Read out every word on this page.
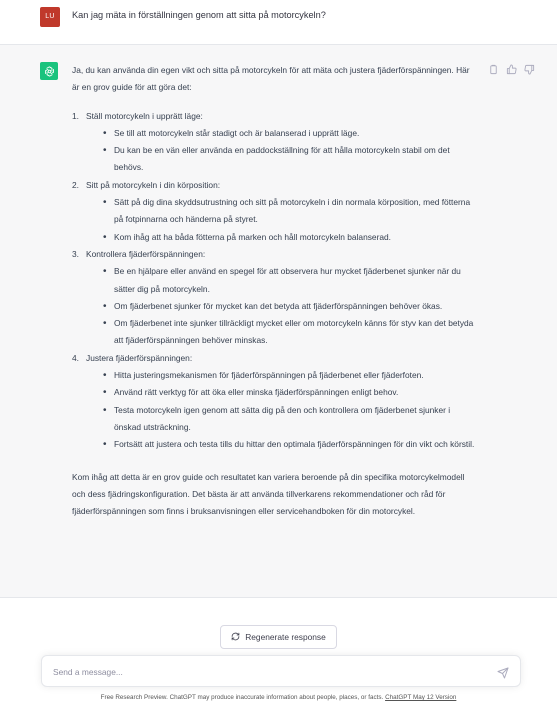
LU	Kan jag mäta in förställningen genom att sitta på motorcykeln?

Ja, du kan använda din egen vikt och sitta på motorcykeln för att mäta och justera fjäderförspänningen. Här är en grov guide för att göra det:

1. Ställ motorcykeln i upprätt läge:
• Se till att motorcykeln står stadigt och är balanserad i upprätt läge.
• Du kan be en vän eller använda en paddockställning för att hålla motorcykeln stabil om det behövs.
2. Sitt på motorcykeln i din körposition:
• Sätt på dig dina skyddsutrustning och sitt på motorcykeln i din normala körposition, med fötterna på fotpinnarna och händerna på styret.
• Kom ihåg att ha båda fötterna på marken och håll motorcykeln balanserad.
3. Kontrollera fjäderförspänningen:
• Be en hjälpare eller använd en spegel för att observera hur mycket fjäderbenet sjunker när du sätter dig på motorcykeln.
• Om fjäderbenet sjunker för mycket kan det betyda att fjäderförspänningen behöver ökas.
• Om fjäderbenet inte sjunker tillräckligt mycket eller om motorcykeln känns för styv kan det betyda att fjäderförspänningen behöver minskas.
4. Justera fjäderförspänningen:
• Hitta justeringsmekanismen för fjäderförspänningen på fjäderbenet eller fjäderfoten.
• Använd rätt verktyg för att öka eller minska fjäderförspänningen enligt behov.
• Testa motorcykeln igen genom att sätta dig på den och kontrollera om fjäderbenet sjunker i önskad utsträckning.
• Fortsätt att justera och testa tills du hittar den optimala fjäderförspänningen för din vikt och körstil.

Kom ihåg att detta är en grov guide och resultatet kan variera beroende på din specifika motorcykelmodell och dess fjädringskonfiguration. Det bästa är att använda tillverkarens rekommendationer och råd för fjäderförspänningen som finns i bruksanvisningen eller servicehandboken för din motorcykel.

Regenerate response
Send a message...
Free Research Preview. ChatGPT may produce inaccurate information about people, places, or facts. ChatGPT May 12 Version
